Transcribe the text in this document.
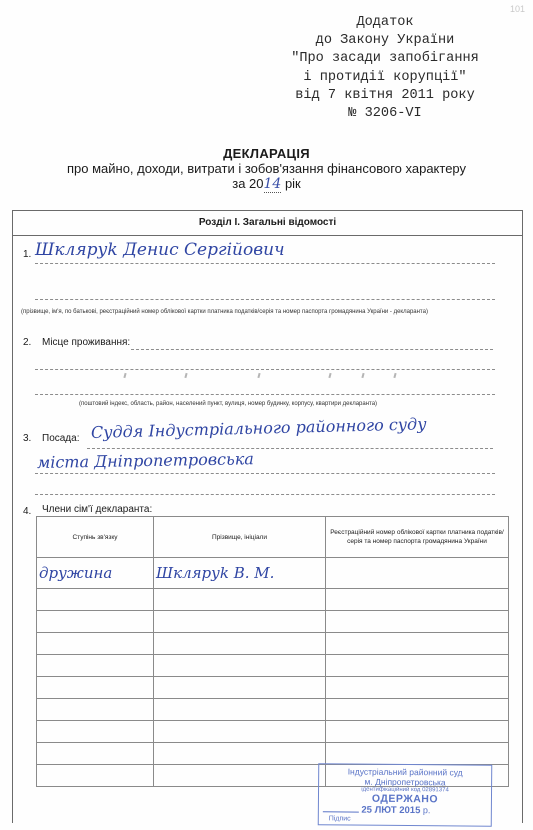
101
Додаток
до Закону України
"Про засади запобігання
і протидії корупції"
від 7 квітня 2011 року
№ 3206-VI
ДЕКЛАРАЦІЯ
про майно, доходи, витрати і зобов'язання фінансового характеру
за 2014 рік
Розділ І. Загальні відомості
1. Шкляруk Денис Сергійович
(прізвище, ім'я, по батькові, реєстраційний номер облікової картки платника податків/серія та номер паспорта громадянина України - декларанта)
2. Місце проживання:
(поштовий індекс, область, район, населений пункт, вулиця, номер будинку, корпусу, квартири декларанта)
3. Посада: Суддя Індустріального районного суду
міста Дніпропетровська
4. Члени сім'ї декларанта:
Ступінь зв'язку	Прізвище, ініціали	Реєстраційний номер облікової картки платника податків/ серія та номер паспорта громадянина України
дружина	Шкляруk В. М.	

Індустріальний районний суд
м. Дніпропетровська
ідентифікаційний код 02891374
ОДЕРЖАНО
25 ЛЮТ 2015 р.
Підпис
